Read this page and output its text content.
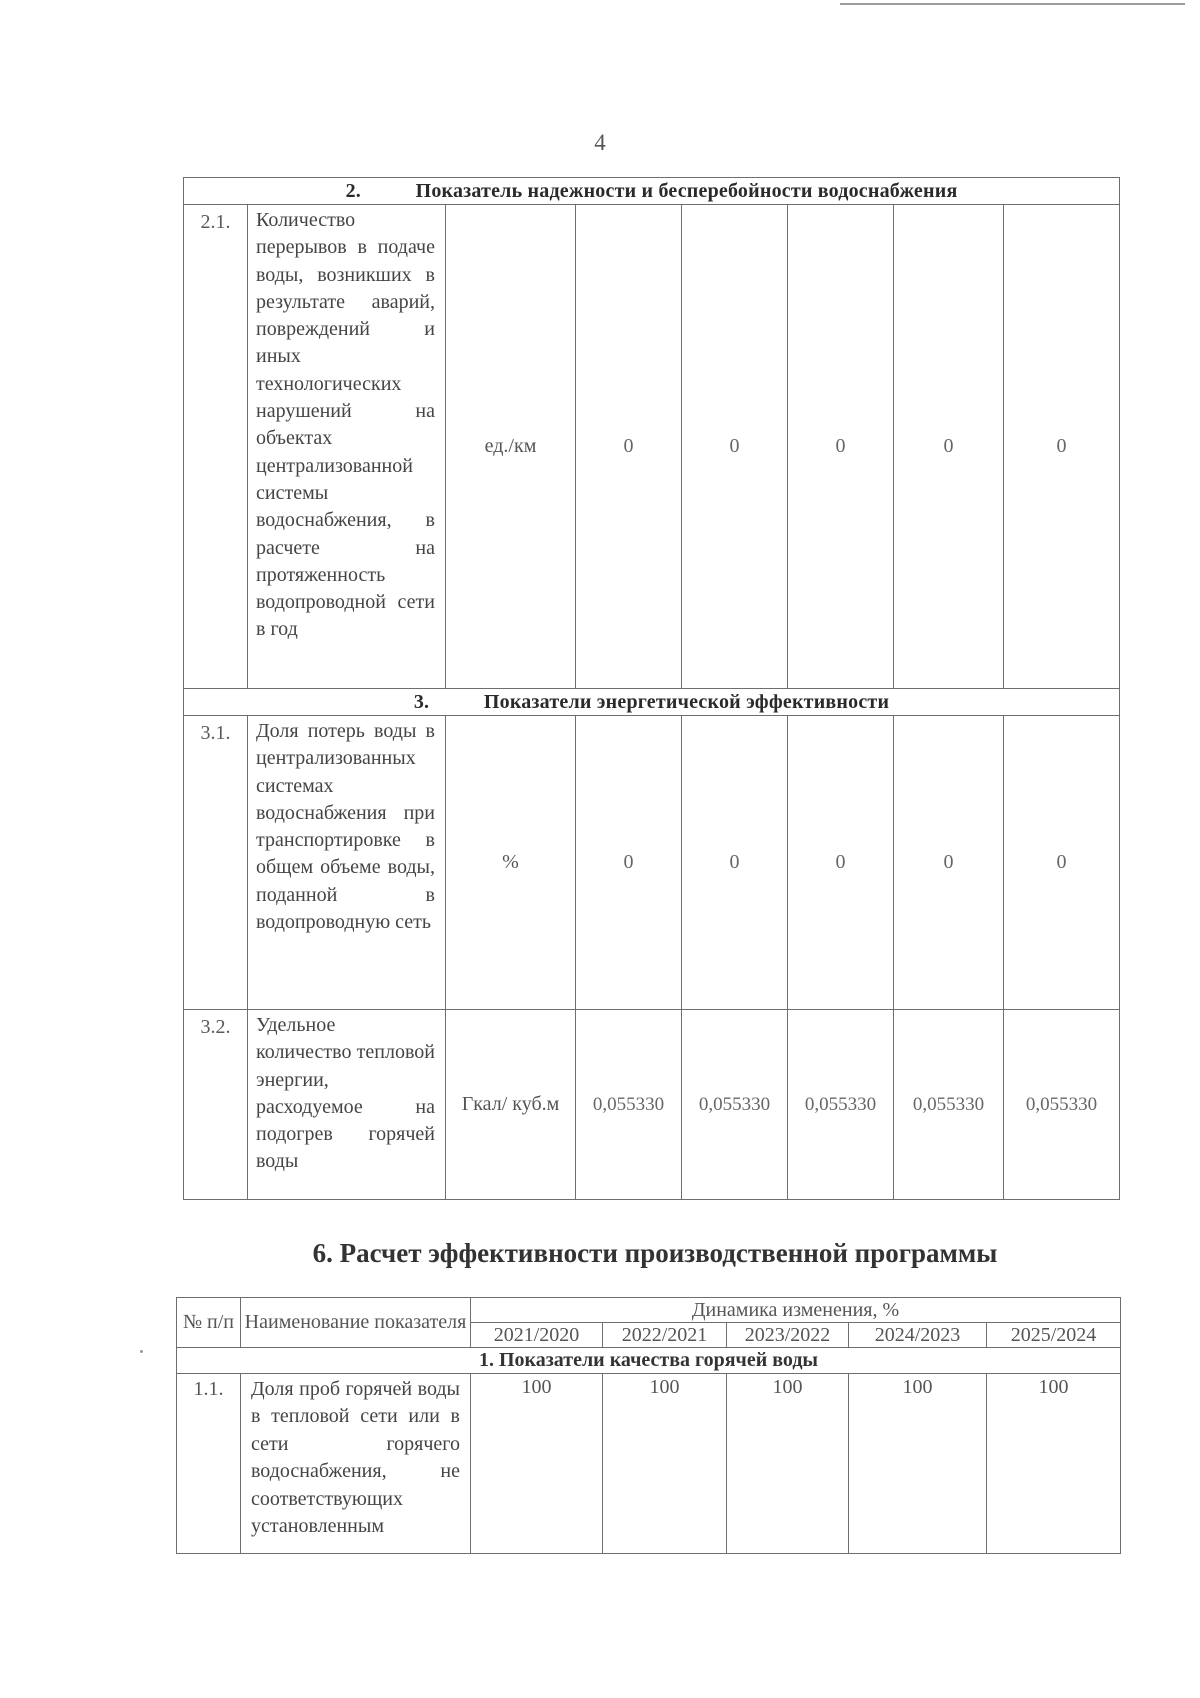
4
2. Показатель надежности и бесперебойности водоснабжения							
2.1.	Количество перерывов в подаче воды, возникших в результате аварий, повреждений и иных технологических нарушений на объектах централизованной системы водоснабжения, в расчете на протяженность водопроводной сети в год	ед./км	0	0	0	0	0
3. Показатели энергетической эффективности							
3.1.	Доля потерь воды в централизованных системах водоснабжения при транспортировке в общем объеме воды, поданной в водопроводную сеть	%	0	0	0	0	0
3.2.	Удельное количество тепловой энергии, расходуемое на подогрев горячей воды	Гкал/ куб.м	0,055330	0,055330	0,055330	0,055330	0,055330
6. Расчет эффективности производственной программы
№ п/п	Наименование показателя	Динамика изменения, %				
		2021/2020	2022/2021	2023/2022	2024/2023	2025/2024
1. Показатели качества горячей воды						
1.1.	Доля проб горячей воды в тепловой сети или в сети горячего водоснабжения, не соответствующих установленным	100	100	100	100	100
